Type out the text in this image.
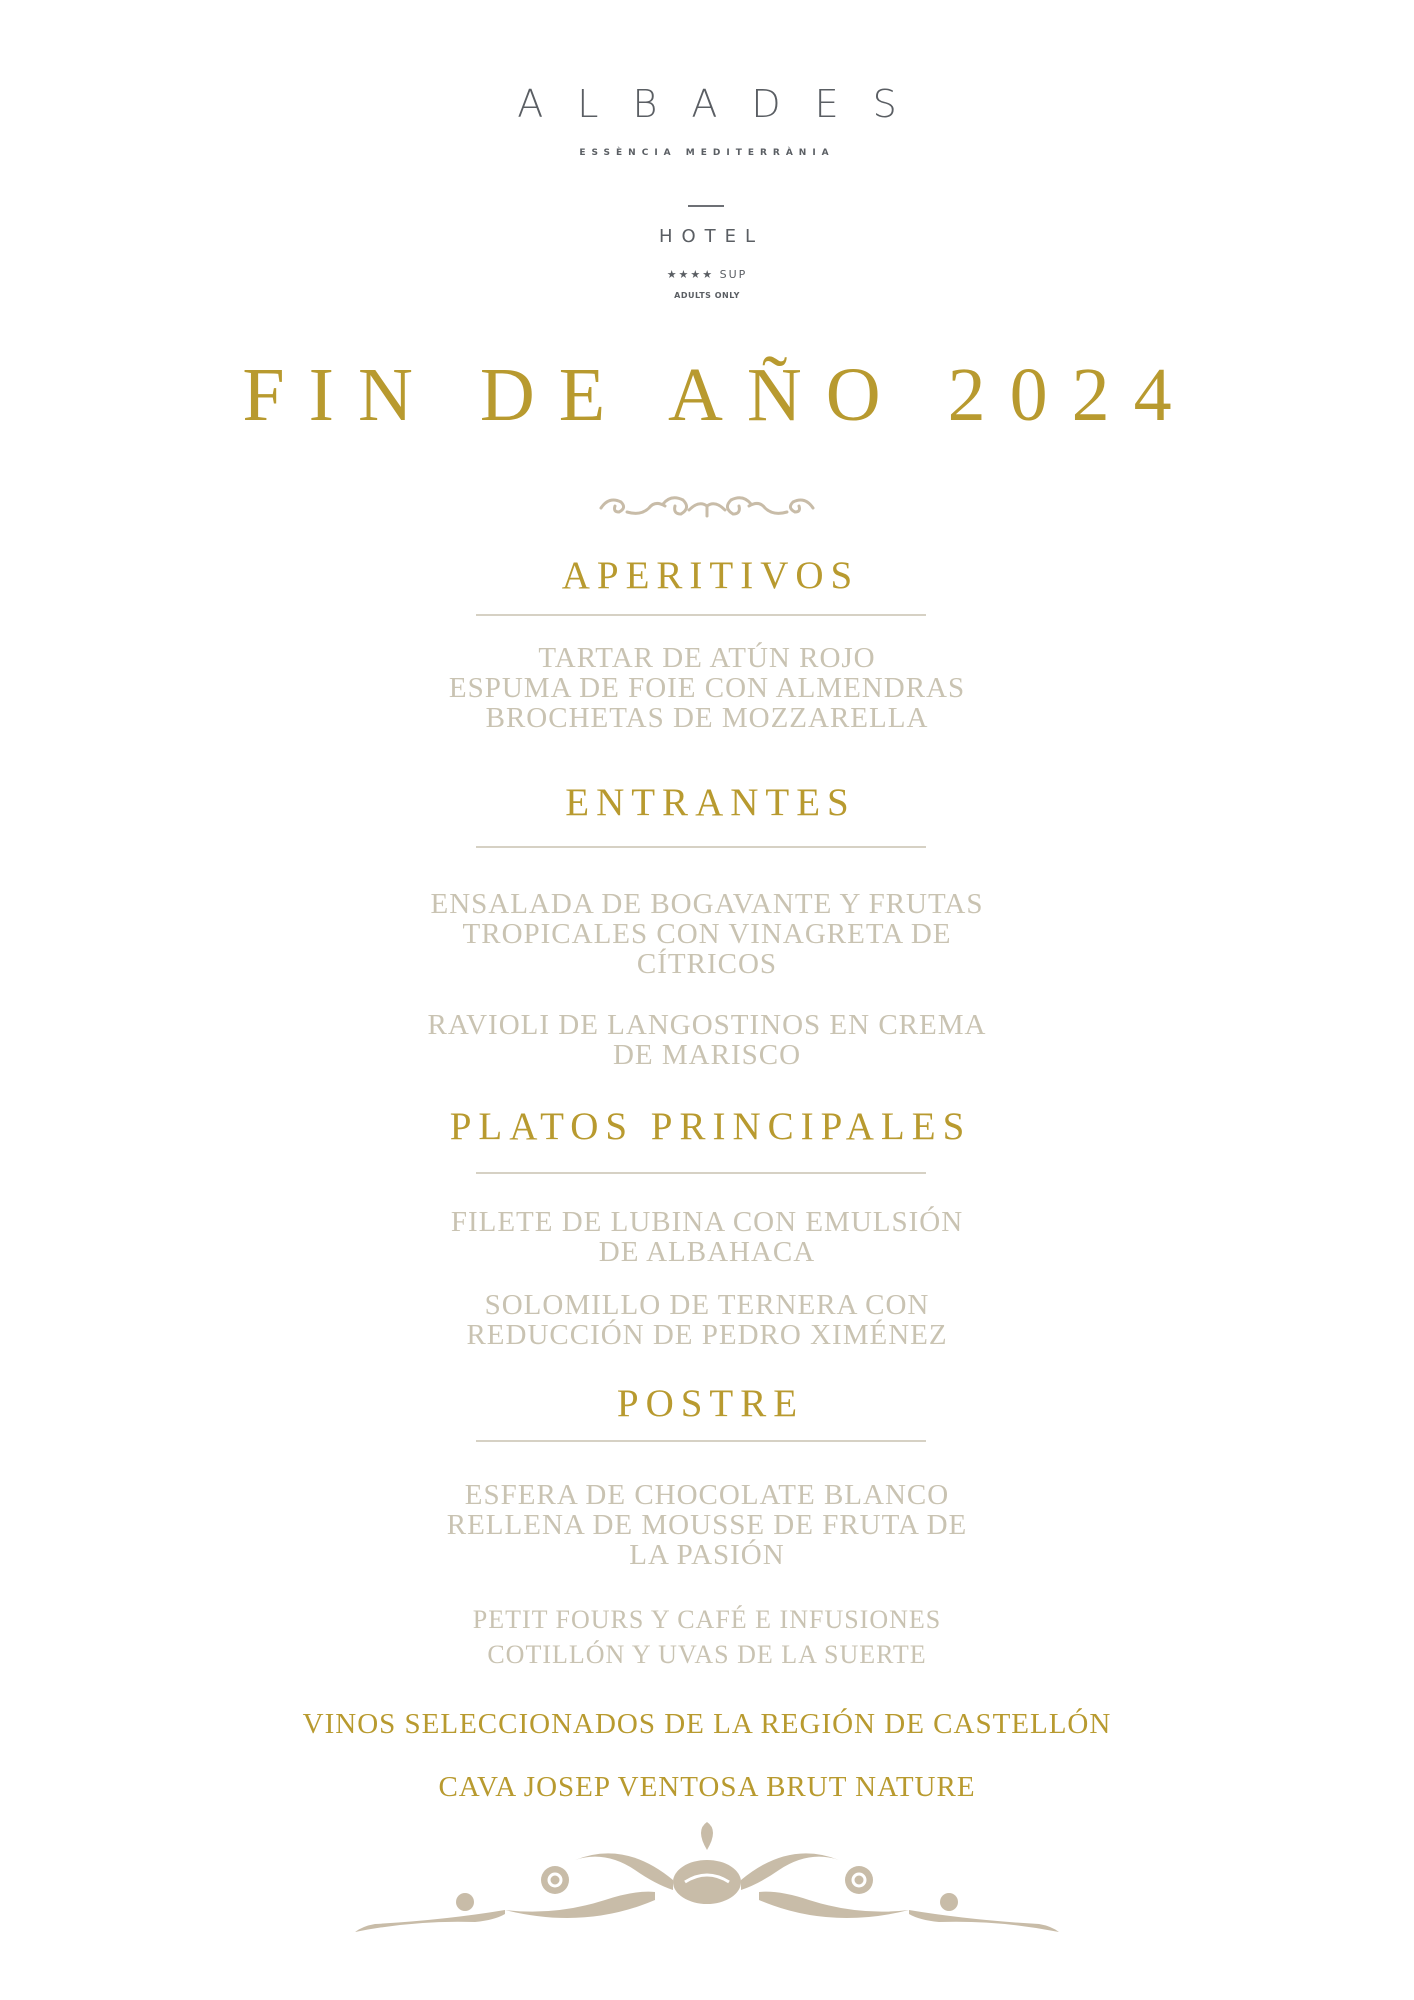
ALBADES
ESSÈNCIA MEDITERRÀNIA
HOTEL
★★★★ SUP
ADULTS ONLY
FIN DE AÑO 2024
APERITIVOS
TARTAR DE ATÚN ROJO
ESPUMA DE FOIE CON ALMENDRAS
BROCHETAS DE MOZZARELLA
ENTRANTES
ENSALADA DE BOGAVANTE Y FRUTAS
TROPICALES CON VINAGRETA DE
CÍTRICOS
RAVIOLI DE LANGOSTINOS EN CREMA
DE MARISCO
PLATOS PRINCIPALES
FILETE DE LUBINA CON EMULSIÓN
DE ALBAHACA
SOLOMILLO DE TERNERA CON
REDUCCIÓN DE PEDRO XIMÉNEZ
POSTRE
ESFERA DE CHOCOLATE BLANCO
RELLENA DE MOUSSE DE FRUTA DE
LA PASIÓN
PETIT FOURS Y CAFÉ E INFUSIONES
COTILLÓN Y UVAS DE LA SUERTE
VINOS SELECCIONADOS DE LA REGIÓN DE CASTELLÓN
CAVA JOSEP VENTOSA BRUT NATURE
